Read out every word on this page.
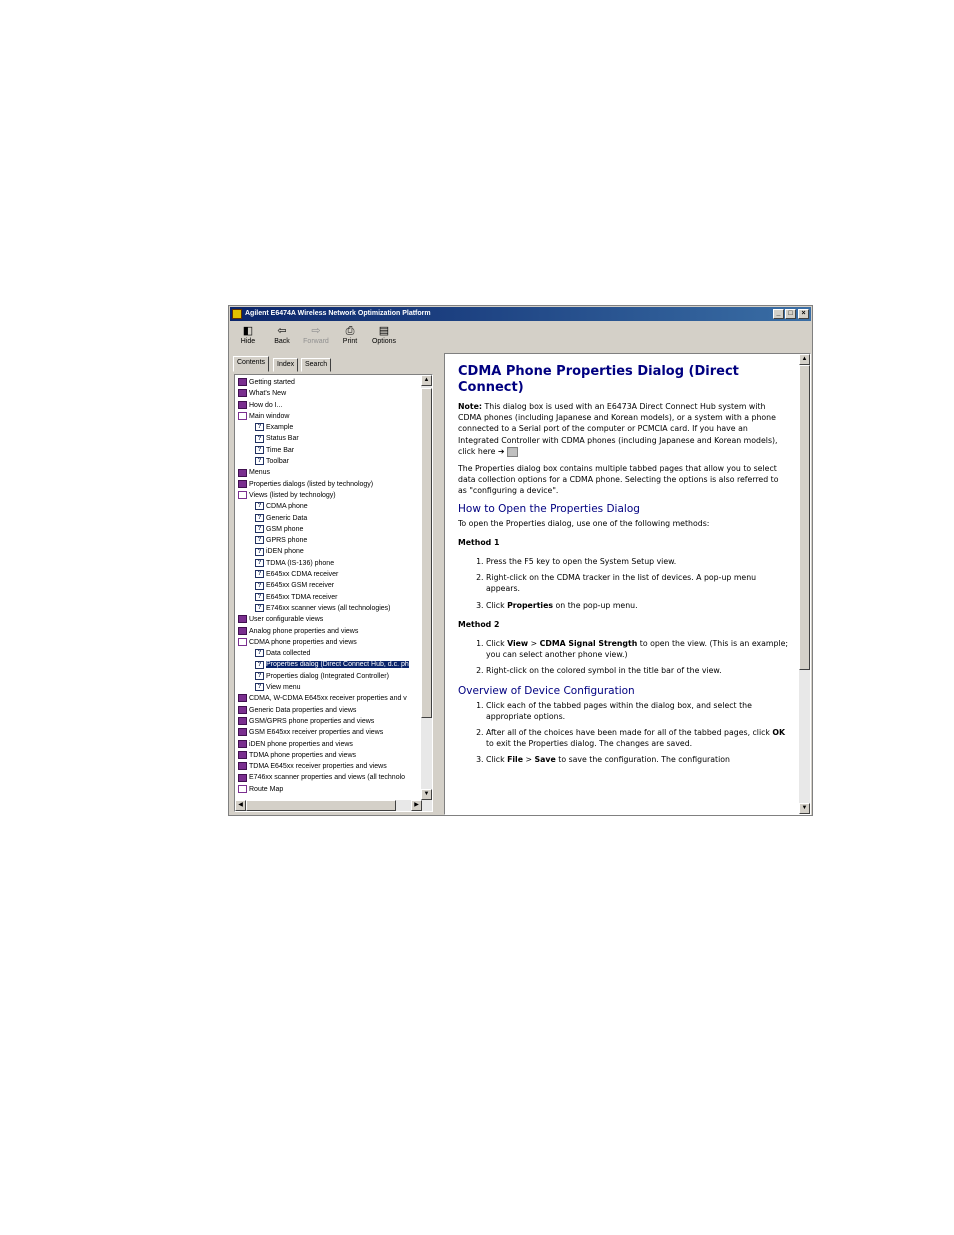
Agilent E6474A Wireless Network Optimization Platform	_	□	×
◧
Hide
⇦
Back
⇨
Forward
⎙
Print
▤
Options
Contents	Index	Search
Getting started
What's New
How do I...
Main window
? Example
? Status Bar
? Time Bar
? Toolbar
Menus
Properties dialogs (listed by technology)
Views (listed by technology)
? CDMA phone
? Generic Data
? GSM phone
? GPRS phone
? iDEN phone
? TDMA (IS-136) phone
? E645xx CDMA receiver
? E645xx GSM receiver
? E645xx TDMA receiver
? E746xx scanner views (all technologies)
User configurable views
Analog phone properties and views
CDMA phone properties and views
? Data collected
? Properties dialog (Direct Connect Hub, d.c. ph
? Properties dialog (Integrated Controller)
? View menu
CDMA, W-CDMA E645xx receiver properties and v
Generic Data properties and views
GSM/GPRS phone properties and views
GSM E645xx receiver properties and views
iDEN phone properties and views
TDMA phone properties and views
TDMA E645xx receiver properties and views
E746xx scanner properties and views (all technolo
Route Map
▲
▼
◀	▶
CDMA Phone Properties Dialog (Direct Connect)

Note: This dialog box is used with an E6473A Direct Connect Hub system with CDMA phones (including Japanese and Korean models), or a system with a phone connected to a Serial port of the computer or PCMCIA card. If you have an Integrated Controller with CDMA phones (including Japanese and Korean models), click here ➔

The Properties dialog box contains multiple tabbed pages that allow you to select data collection options for a CDMA phone. Selecting the options is also referred to as "configuring a device".

How to Open the Properties Dialog

To open the Properties dialog, use one of the following methods:

Method 1

1. Press the F5 key to open the System Setup view.
2. Right-click on the CDMA tracker in the list of devices. A pop-up menu appears.
3. Click Properties on the pop-up menu.

Method 2

1. Click View > CDMA Signal Strength to open the view. (This is an example; you can select another phone view.)
2. Right-click on the colored symbol in the title bar of the view.
Overview of Device Configuration
1. Click each of the tabbed pages within the dialog box, and select the appropriate options.
2. After all of the choices have been made for all of the tabbed pages, click OK to exit the Properties dialog. The changes are saved.
3. Click File > Save to save the configuration. The configuration
▲
▼
